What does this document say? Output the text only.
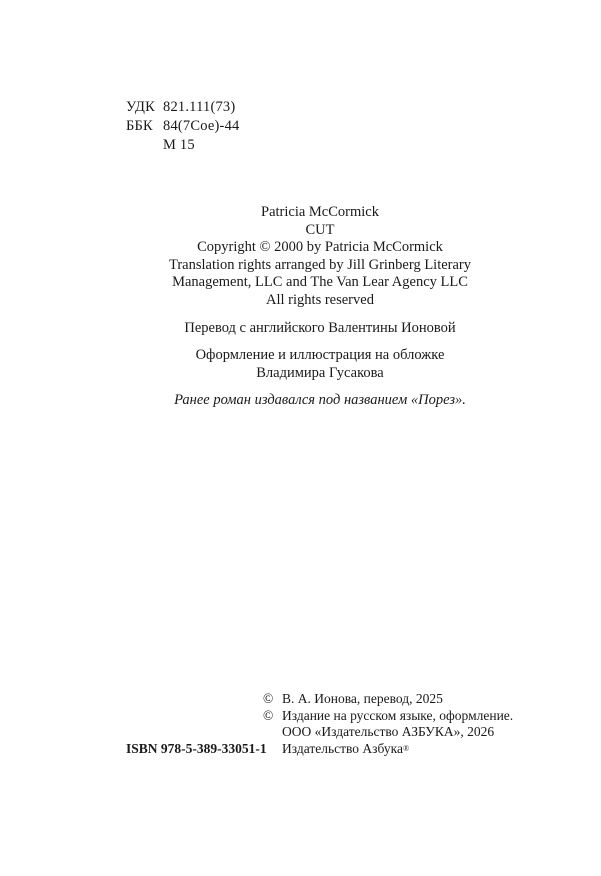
УДК 821.111(73)
ББК 84(7Сое)-44
М 15
Patricia McCormick
CUT
Copyright © 2000 by Patricia McCormick
Translation rights arranged by Jill Grinberg Literary
Management, LLC and The Van Lear Agency LLC
All rights reserved
Перевод с английского Валентины Ионовой
Оформление и иллюстрация на обложке
Владимира Гусакова
Ранее роман издавался под названием «Порез».
© В. А. Ионова, перевод, 2025
© Издание на русском языке, оформление.
ООО «Издательство АЗБУКА», 2026
Издательство Азбука ®
ISBN 978-5-389-33051-1
